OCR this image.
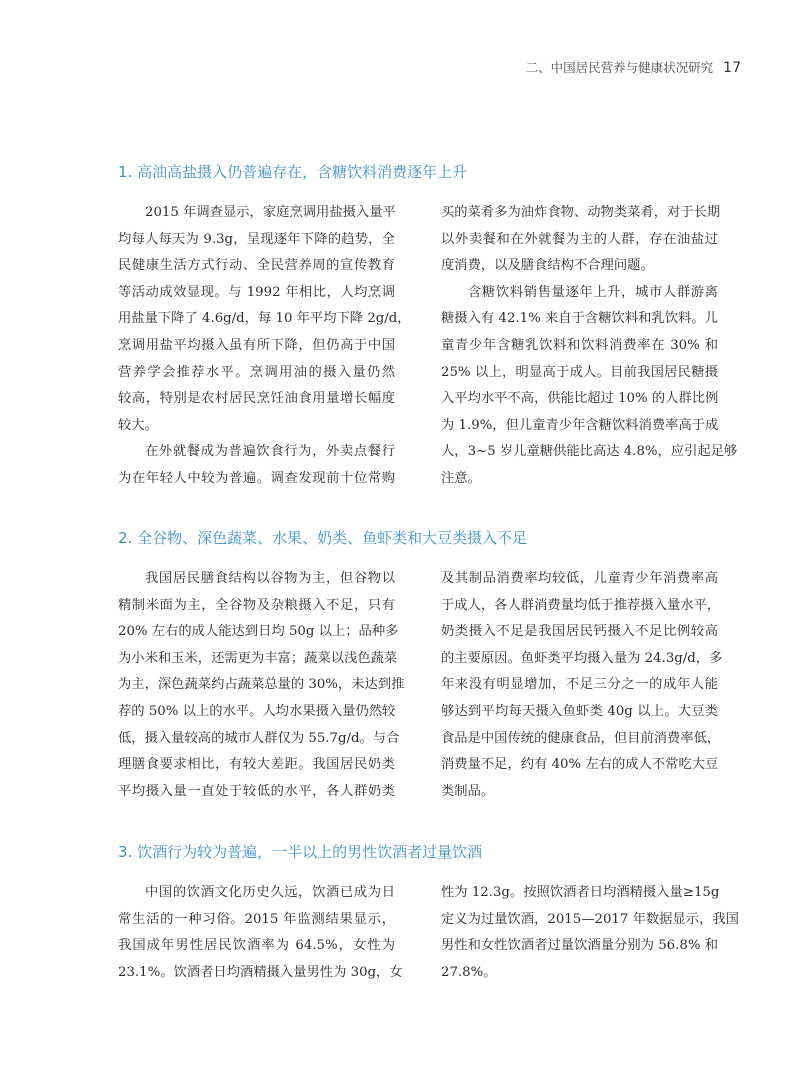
二、中国居民营养与健康状况研究 17
1. 高油高盐摄入仍普遍存在，含糖饮料消费逐年上升
2015 年调查显示，家庭烹调用盐摄入量平
均每人每天为 9.3g，呈现逐年下降的趋势，全
民健康生活方式行动、全民营养周的宣传教育
等活动成效显现。与 1992 年相比，人均烹调
用盐量下降了 4.6g/d，每 10 年平均下降 2g/d，
烹调用盐平均摄入虽有所下降，但仍高于中国
营养学会推荐水平。烹调用油的摄入量仍然
较高，特别是农村居民烹饪油食用量增长幅度
较大。
在外就餐成为普遍饮食行为，外卖点餐行
为在年轻人中较为普遍。调查发现前十位常购
买的菜肴多为油炸食物、动物类菜肴，对于长期
以外卖餐和在外就餐为主的人群，存在油盐过
度消费，以及膳食结构不合理问题。
含糖饮料销售量逐年上升，城市人群游离
糖摄入有 42.1% 来自于含糖饮料和乳饮料。儿
童青少年含糖乳饮料和饮料消费率在 30% 和
25% 以上，明显高于成人。目前我国居民糖摄
入平均水平不高，供能比超过 10% 的人群比例
为 1.9%，但儿童青少年含糖饮料消费率高于成
人，3~5 岁儿童糖供能比高达 4.8%，应引起足够
注意。
2. 全谷物、深色蔬菜、水果、奶类、鱼虾类和大豆类摄入不足
我国居民膳食结构以谷物为主，但谷物以
精制米面为主，全谷物及杂粮摄入不足，只有
20% 左右的成人能达到日均 50g 以上；品种多
为小米和玉米，还需更为丰富；蔬菜以浅色蔬菜
为主，深色蔬菜约占蔬菜总量的 30%，未达到推
荐的 50% 以上的水平。人均水果摄入量仍然较
低，摄入量较高的城市人群仅为 55.7g/d。与合
理膳食要求相比，有较大差距。我国居民奶类
平均摄入量一直处于较低的水平，各人群奶类
及其制品消费率均较低，儿童青少年消费率高
于成人，各人群消费量均低于推荐摄入量水平，
奶类摄入不足是我国居民钙摄入不足比例较高
的主要原因。鱼虾类平均摄入量为 24.3g/d，多
年来没有明显增加，不足三分之一的成年人能
够达到平均每天摄入鱼虾类 40g 以上。大豆类
食品是中国传统的健康食品，但目前消费率低，
消费量不足，约有 40% 左右的成人不常吃大豆
类制品。
3. 饮酒行为较为普遍，一半以上的男性饮酒者过量饮酒
中国的饮酒文化历史久远，饮酒已成为日
常生活的一种习俗。2015 年监测结果显示，
我国成年男性居民饮酒率为 64.5%，女性为
23.1%。饮酒者日均酒精摄入量男性为 30g，女
性为 12.3g。按照饮酒者日均酒精摄入量≥15g
定义为过量饮酒，2015—2017 年数据显示，我国
男性和女性饮酒者过量饮酒量分别为 56.8% 和
27.8%。
